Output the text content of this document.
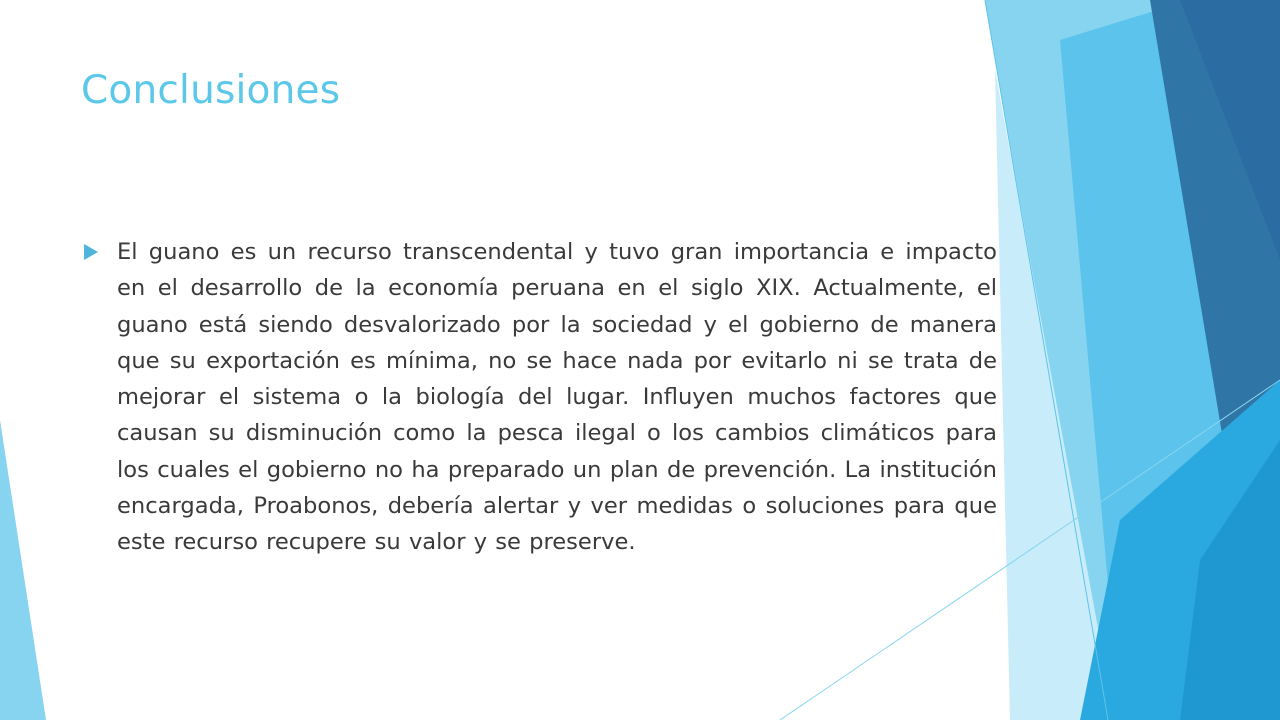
Conclusiones
El guano es un recurso transcendental y tuvo gran importancia e impacto en el desarrollo de la economía peruana en el siglo XIX. Actualmente, el guano está siendo desvalorizado por la sociedad y el gobierno de manera que su exportación es mínima, no se hace nada por evitarlo ni se trata de mejorar el sistema o la biología del lugar. Influyen muchos factores que causan su disminución como la pesca ilegal o los cambios climáticos para los cuales el gobierno no ha preparado un plan de prevención. La institución encargada, Proabonos, debería alertar y ver medidas o soluciones para que este recurso recupere su valor y se preserve.
